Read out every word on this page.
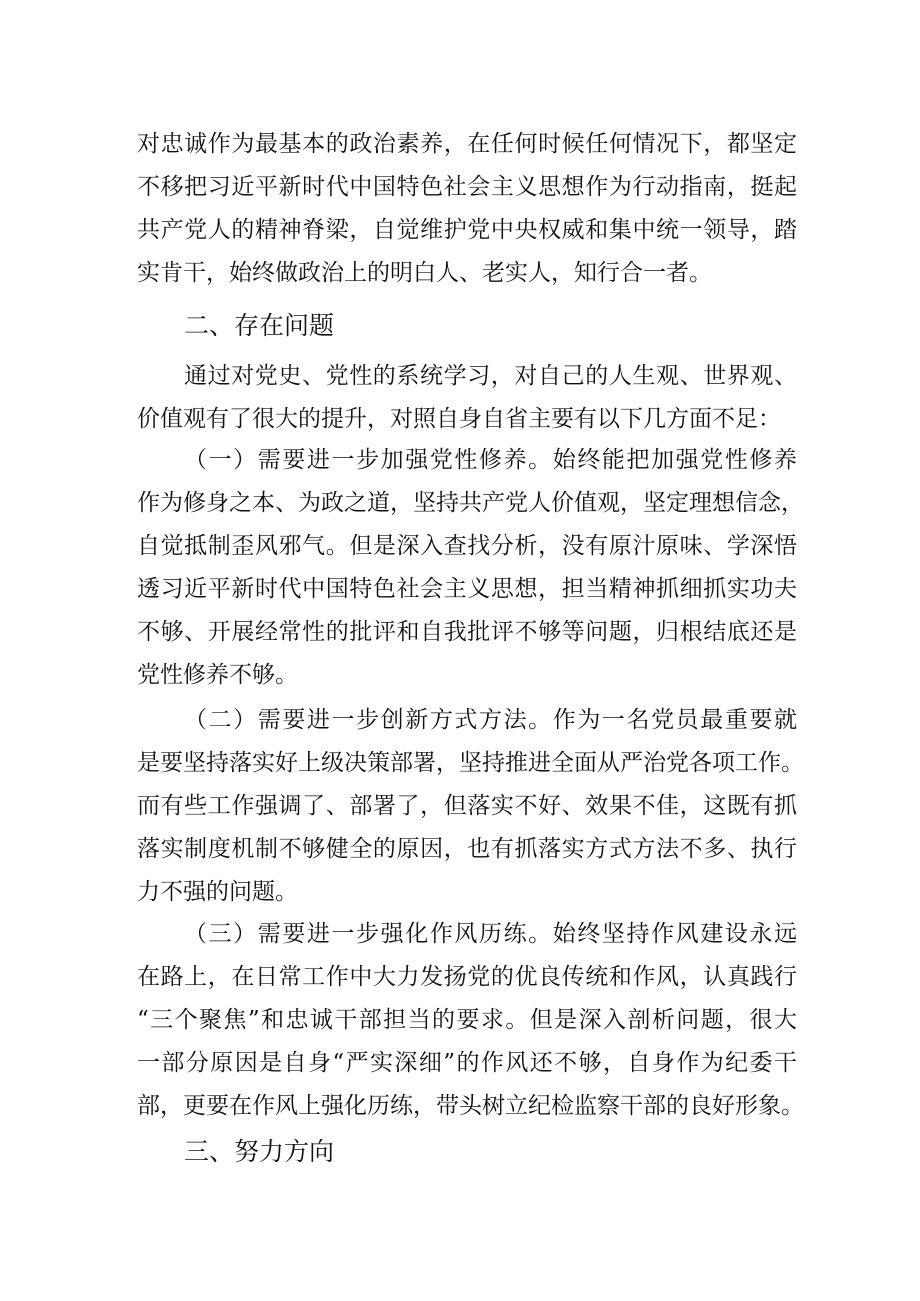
对忠诚作为最基本的政治素养，在任何时候任何情况下，都坚定
不移把习近平新时代中国特色社会主义思想作为行动指南，挺起
共产党人的精神脊梁，自觉维护党中央权威和集中统一领导，踏
实肯干，始终做政治上的明白人、老实人，知行合一者。
二、存在问题
通过对党史、党性的系统学习，对自己的人生观、世界观、
价值观有了很大的提升，对照自身自省主要有以下几方面不足：
（一）需要进一步加强党性修养。始终能把加强党性修养
作为修身之本、为政之道，坚持共产党人价值观，坚定理想信念，
自觉抵制歪风邪气。但是深入查找分析，没有原汁原味、学深悟
透习近平新时代中国特色社会主义思想，担当精神抓细抓实功夫
不够、开展经常性的批评和自我批评不够等问题，归根结底还是
党性修养不够。
（二）需要进一步创新方式方法。作为一名党员最重要就
是要坚持落实好上级决策部署，坚持推进全面从严治党各项工作。
而有些工作强调了、部署了，但落实不好、效果不佳，这既有抓
落实制度机制不够健全的原因，也有抓落实方式方法不多、执行
力不强的问题。
（三）需要进一步强化作风历练。始终坚持作风建设永远
在路上，在日常工作中大力发扬党的优良传统和作风，认真践行
“三个聚焦”和忠诚干部担当的要求。但是深入剖析问题，很大
一部分原因是自身“严实深细”的作风还不够，自身作为纪委干
部，更要在作风上强化历练，带头树立纪检监察干部的良好形象。
三、努力方向
